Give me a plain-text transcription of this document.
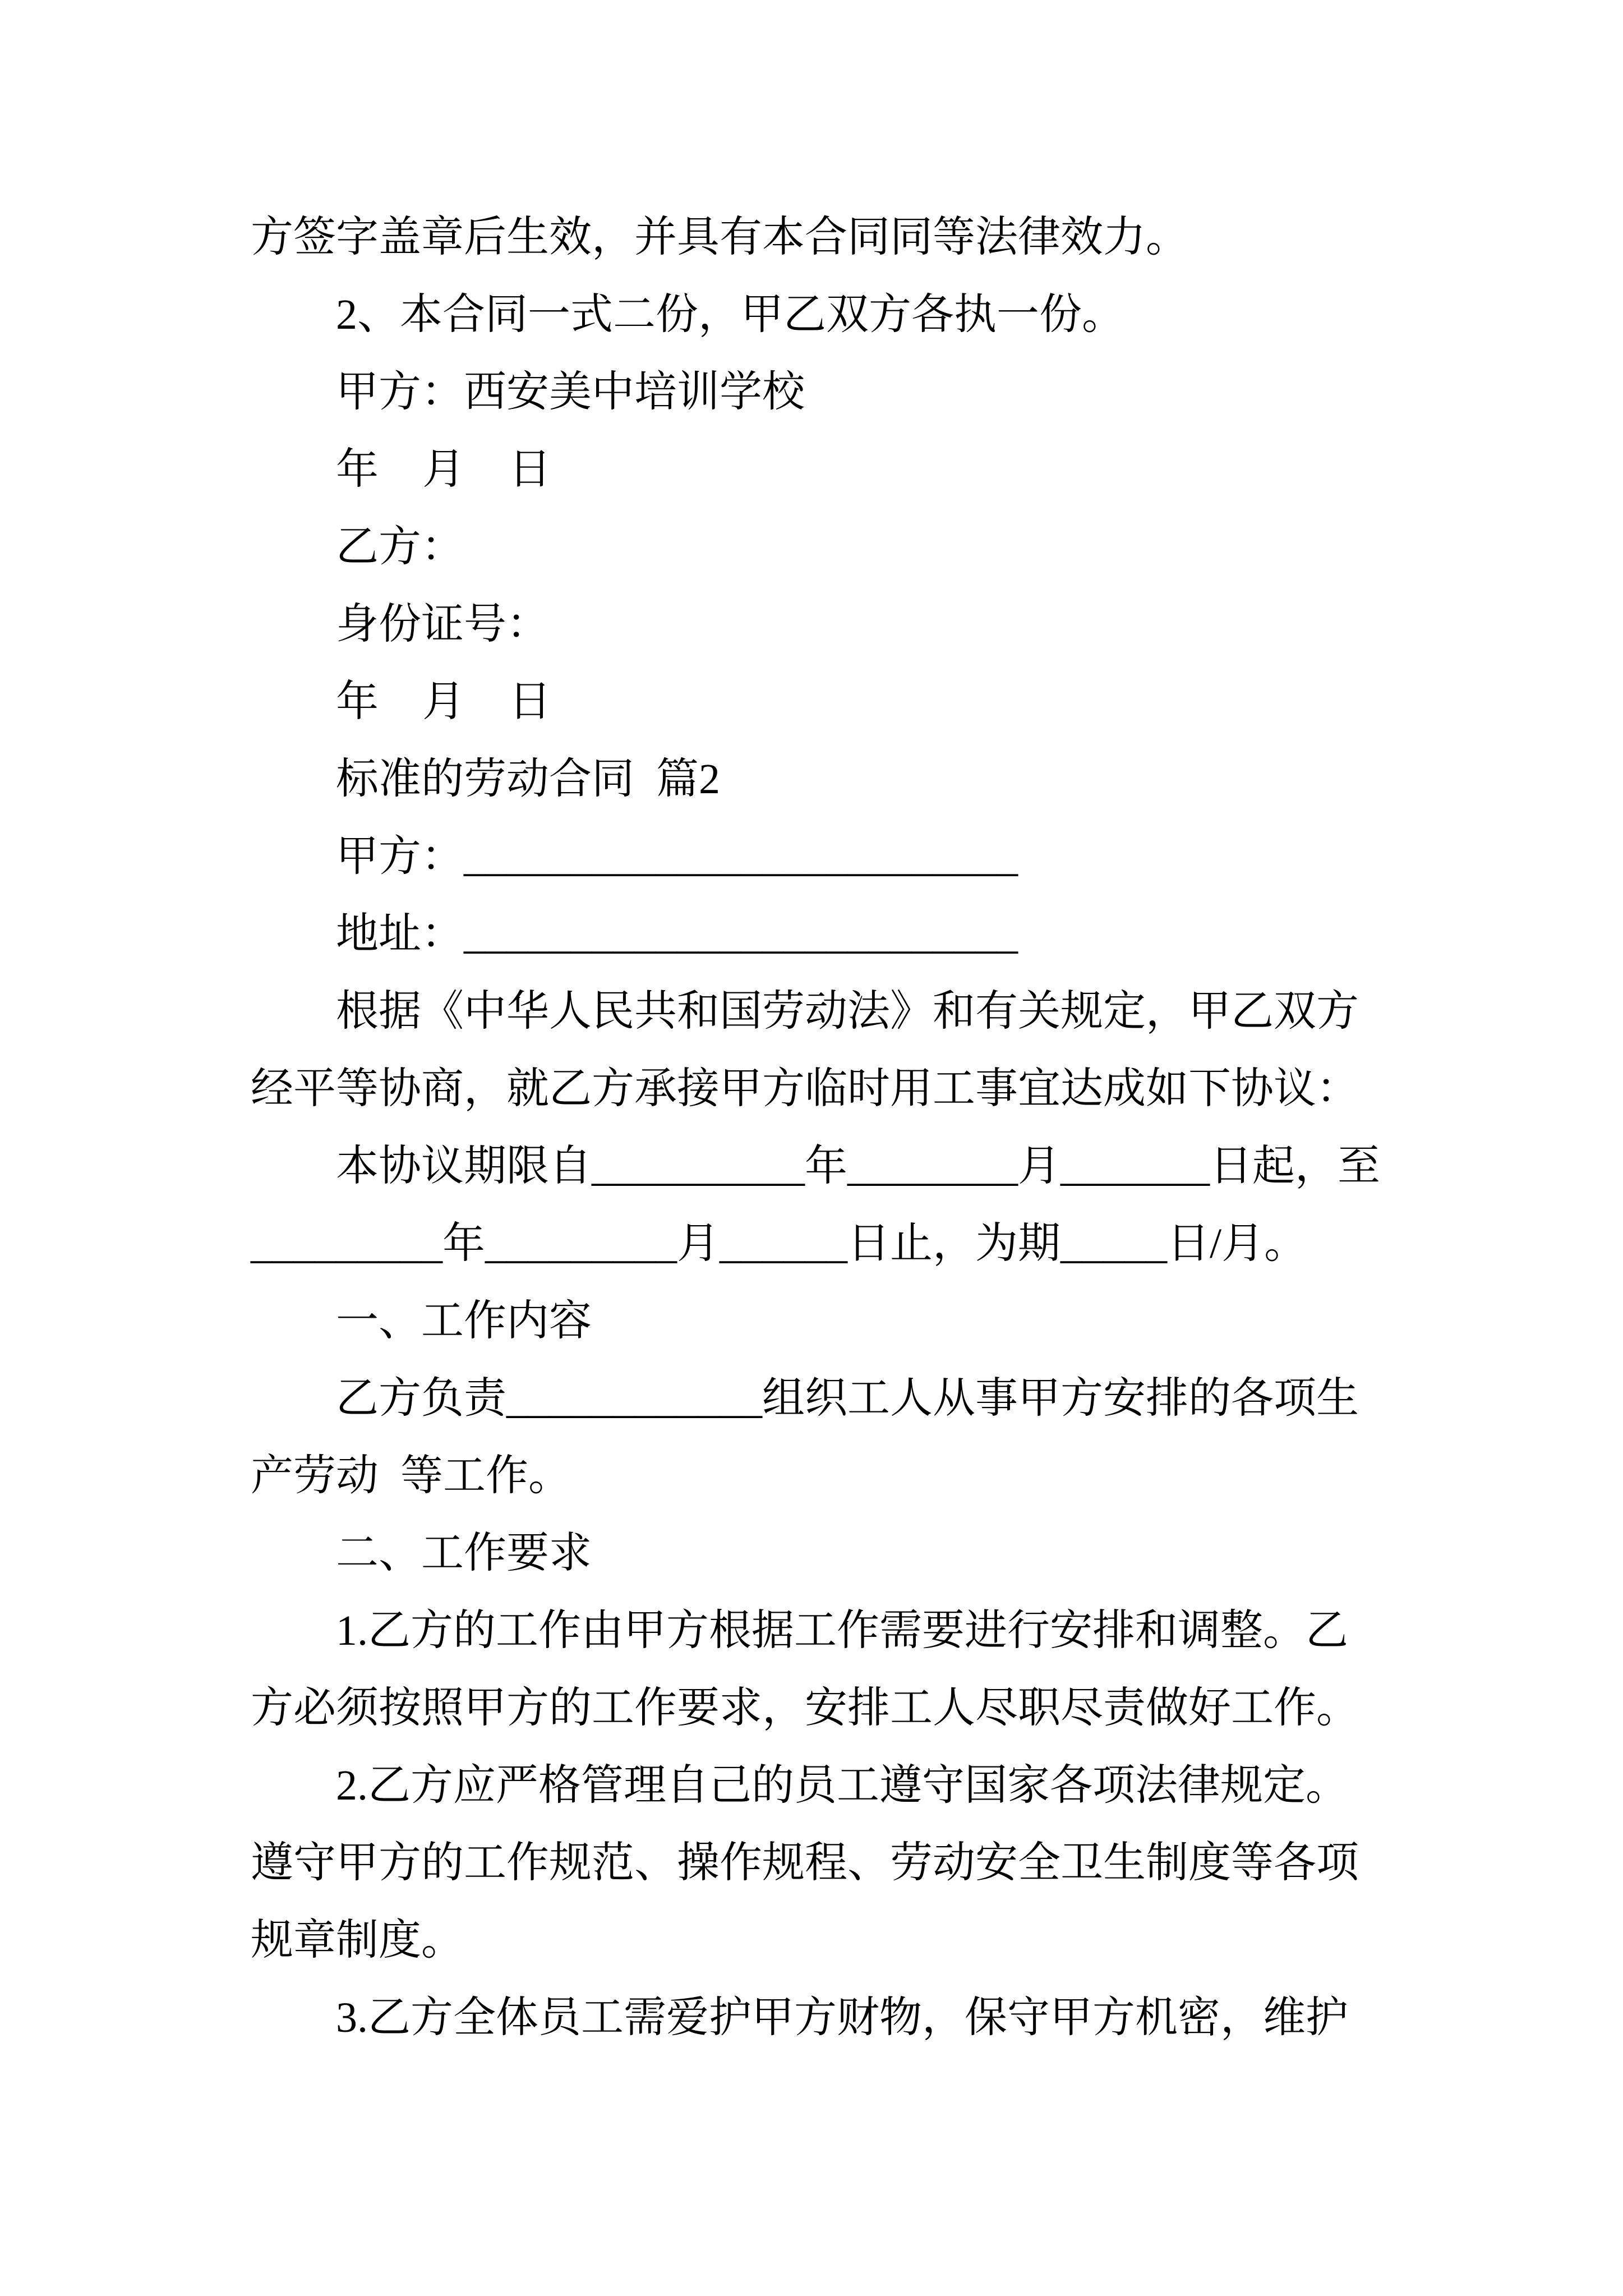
方签字盖章后生效，并具有本合同同等法律效力。
2、本合同一式二份，甲乙双方各执一份。
甲方：西安美中培训学校
年  月  日
乙方：
身份证号：
年  月  日
标准的劳动合同 篇2
甲方：__________________________
地址：__________________________
根据《中华人民共和国劳动法》和有关规定，甲乙双方
经平等协商，就乙方承接甲方临时用工事宜达成如下协议：
本协议期限自__________年________月_______日起，至
_________年_________月______日止，为期_____日/月。
一、工作内容
乙方负责____________组织工人从事甲方安排的各项生
产劳动 等工作。
二、工作要求
1.乙方的工作由甲方根据工作需要进行安排和调整。乙
方必须按照甲方的工作要求，安排工人尽职尽责做好工作。
2.乙方应严格管理自己的员工遵守国家各项法律规定。
遵守甲方的工作规范、操作规程、劳动安全卫生制度等各项
规章制度。
3.乙方全体员工需爱护甲方财物，保守甲方机密，维护
